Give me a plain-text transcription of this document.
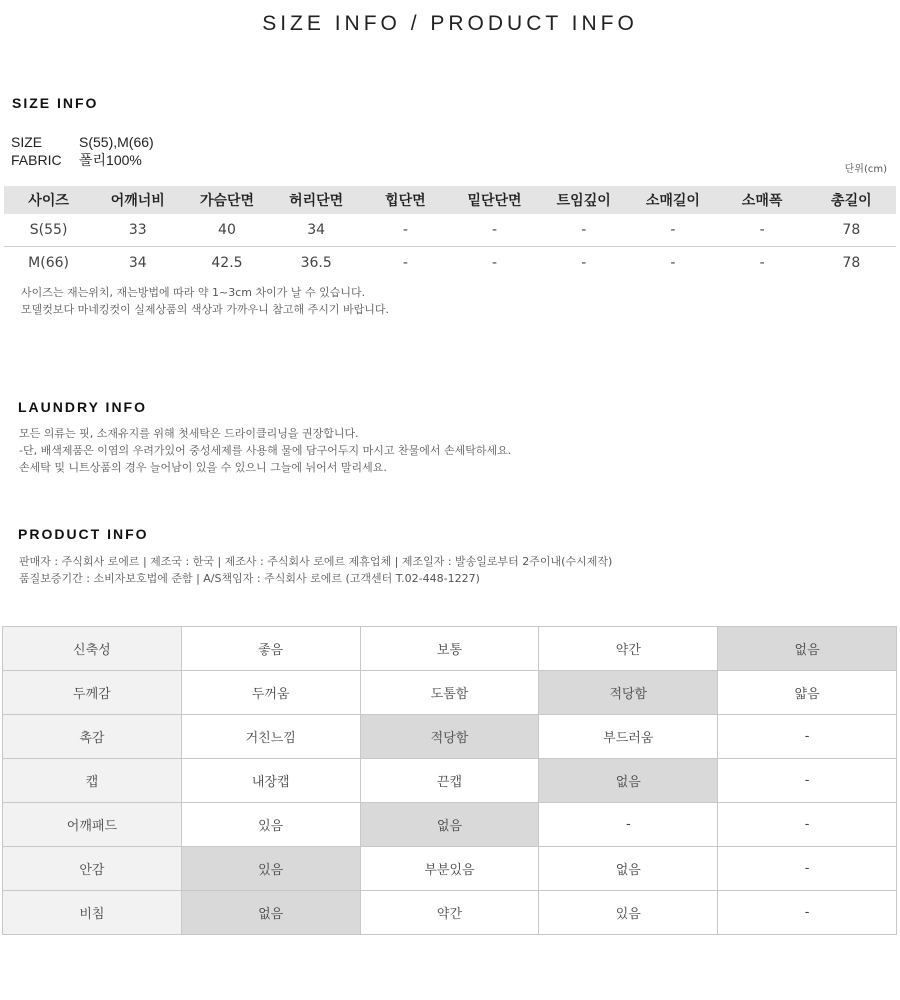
SIZE INFO / PRODUCT INFO
SIZE INFO
SIZE	S(55),M(66)
FABRIC 폴리100%
단위(cm)
사이즈	어깨너비	가슴단면	허리단면	힙단면	밑단단면	트임깊이	소매길이	소매폭	총길이
S(55)	33	40	34	-	-	-	-	-	78
M(66)	34	42.5	36.5	-	-	-	-	-	78
사이즈는 재는위치, 재는방법에 따라 약 1~3cm 차이가 날 수 있습니다.
모델컷보다 마네킹컷이 실제상품의 색상과 가까우니 참고해 주시기 바랍니다.
LAUNDRY INFO
모든 의류는 핏, 소재유지를 위해 첫세탁은 드라이클리닝을 권장합니다.
-단, 배색제품은 이염의 우려가있어 중성세제를 사용해 물에 담구어두지 마시고 찬물에서 손세탁하세요.
손세탁 및 니트상품의 경우 늘어남이 있을 수 있으니 그늘에 뉘어서 말리세요.
PRODUCT INFO
판매자 : 주식회사 로에르 | 제조국 : 한국 | 제조사 : 주식회사 로에르 제휴업체 | 제조일자 : 발송일로부터 2주이내(수시제작)
품질보증기간 : 소비자보호법에 준함 | A/S책임자 : 주식회사 로에르 (고객센터 T.02-448-1227)
신축성	좋음	보통	약간	없음
두께감	두꺼움	도톰함	적당함	얇음
촉감	거친느낌	적당함	부드러움	-
캡	내장캡	끈캡	없음	-
어깨패드	있음	없음	-	-
안감	있음	부분있음	없음	-
비침	없음	약간	있음	-
